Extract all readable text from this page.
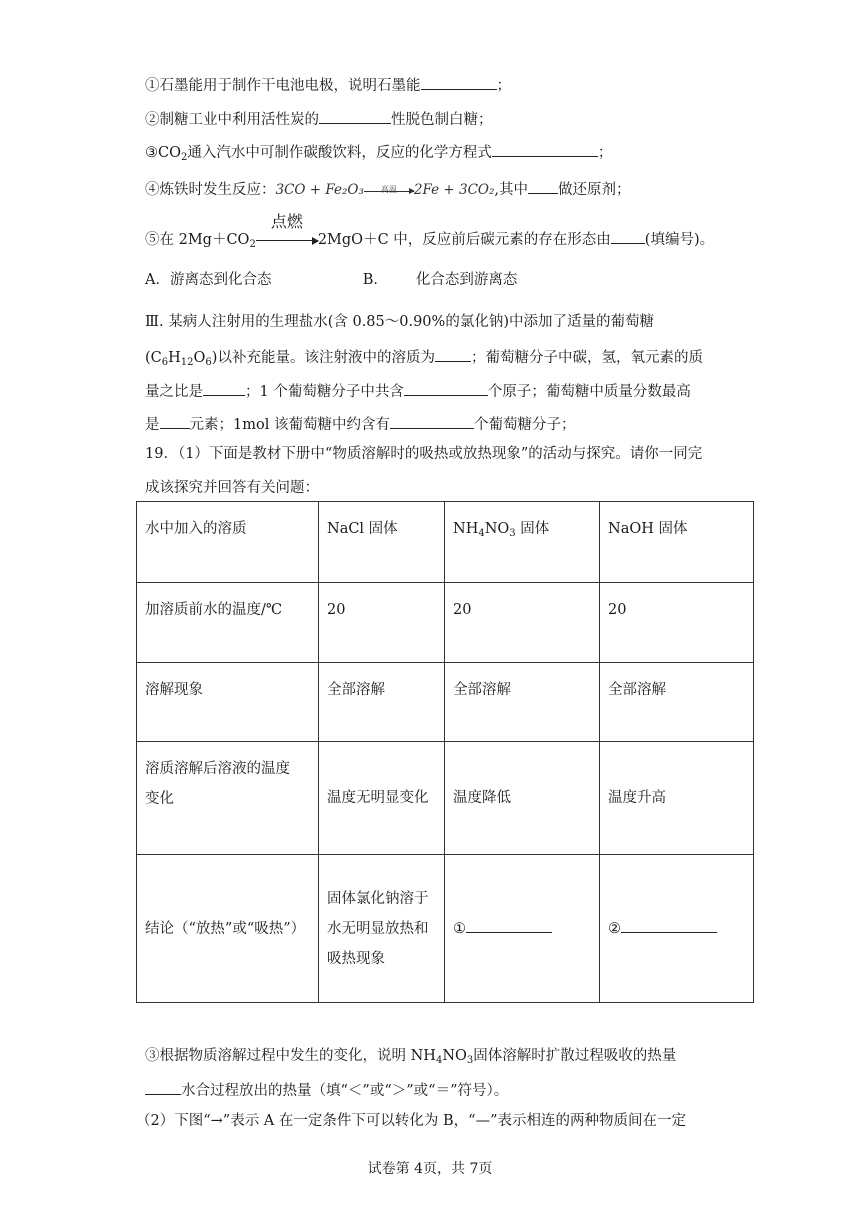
①石墨能用于制作干电池电极，说明石墨能	；
②制糖工业中利用活性炭的	性脱色制白糖；
$③CO_2$通入汽水中可制作碳酸饮料，反应的化学方程式	；
④炼铁时发生反应：3CO + Fe₂O₃	高温	2Fe + 3CO₂,其中 做还原剂；
⑤在 $2Mg+CO_2$
点燃
2MgO＋C 中，反应前后碳元素的存在形态由 (填编号)。
A．游离态到化合态	B． 化合态到游离态
Ⅲ. 某病人注射用的生理盐水(含 0.85～0.90%的氯化钠)中添加了适量的葡萄糖
$(C_6H_{12}O_6)$以补充能量。该注射液中的溶质为 ；葡萄糖分子中碳，氢，氧元素的质
量之比是	；1 个葡萄糖分子中共含	个原子；葡萄糖中质量分数最高
是 元素；1mol 该葡萄糖中约含有	个葡萄糖分子；
19．（1）下面是教材下册中“物质溶解时的吸热或放热现象”的活动与探究。请你一同完
成该探究并回答有关问题：
水中加入的溶质	NaCl 固体	$NH_4NO_3$ 固体	NaOH 固体
加溶质前水的温度/℃	20	20	20
溶解现象	全部溶解	全部溶解	全部溶解

溶质溶解后溶液的温度
变化	温度无明显变化	温度降低	温度升高
结论（“放热”或“吸热”）	固体氯化钠溶于
水无明显放热和
吸热现象	①	②
③根据物质溶解过程中发生的变化，说明 $NH_4NO_3$固体溶解时扩散过程吸收的热量
水合过程放出的热量（填“＜”或“＞”或“＝”符号）。
（2）下图“→”表示 A 在一定条件下可以转化为 B，“—”表示相连的两种物质间在一定
试卷第 4页，共 7页
